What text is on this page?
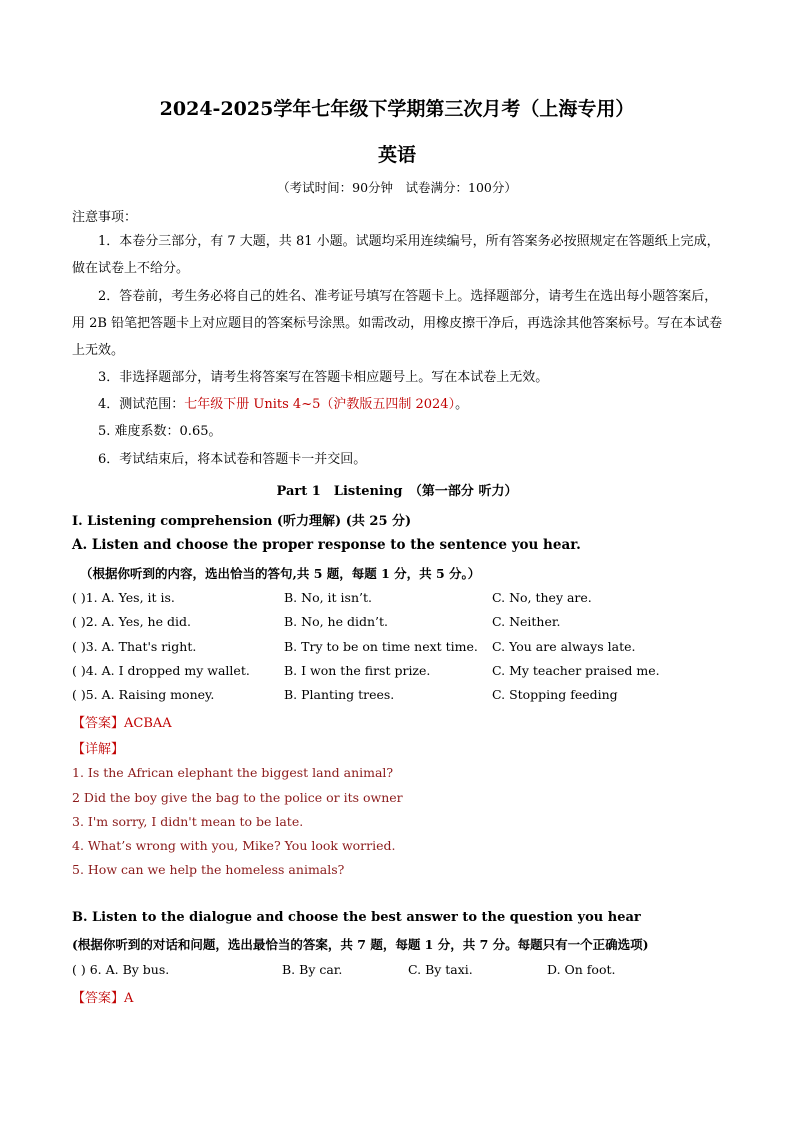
2024-2025学年七年级下学期第三次月考（上海专用）
英语
（考试时间：90分钟　试卷满分：100分）
注意事项：
1．本卷分三部分，有 7 大题，共 81 小题。试题均采用连续编号，所有答案务必按照规定在答题纸上完成，做在试卷上不给分。
2．答卷前，考生务必将自己的姓名、准考证号填写在答题卡上。选择题部分，请考生在选出每小题答案后，用 2B 铅笔把答题卡上对应题目的答案标号涂黑。如需改动，用橡皮擦干净后，再选涂其他答案标号。写在本试卷上无效。
3．非选择题部分，请考生将答案写在答题卡相应题号上。写在本试卷上无效。
4．测试范围：七年级下册 Units 4~5（沪教版五四制 2024）。
5. 难度系数：0.65。
6．考试结束后，将本试卷和答题卡一并交回。
Part 1　Listening　（第一部分 听力）
I. Listening comprehension (听力理解) (共 25 分)
A. Listen and choose the proper response to the sentence you hear.
（根据你听到的内容，选出恰当的答句,共 5 题，每题 1 分，共 5 分。）
( )1. A. Yes, it is.	B. No, it isn’t.	C. No, they are.
( )2. A. Yes, he did.	B. No, he didn’t.	C. Neither.
( )3. A. That's right.	B. Try to be on time next time. C. You are always late.
( )4. A. I dropped my wallet.	B. I won the first prize.	C. My teacher praised me.
( )5. A. Raising money.	B. Planting trees.	C. Stopping feeding
【答案】ACBAA
【详解】
1. Is the African elephant the biggest land animal?
2 Did the boy give the bag to the police or its owner
3. I'm sorry, I didn't mean to be late.
4. What’s wrong with you, Mike? You look worried.
5. How can we help the homeless animals?
B. Listen to the dialogue and choose the best answer to the question you hear
(根据你听到的对话和问题，选出最恰当的答案，共 7 题，每题 1 分，共 7 分。每题只有一个正确选项)
( ) 6. A. By bus.	B. By car.	C. By taxi.	D. On foot.
【答案】A
